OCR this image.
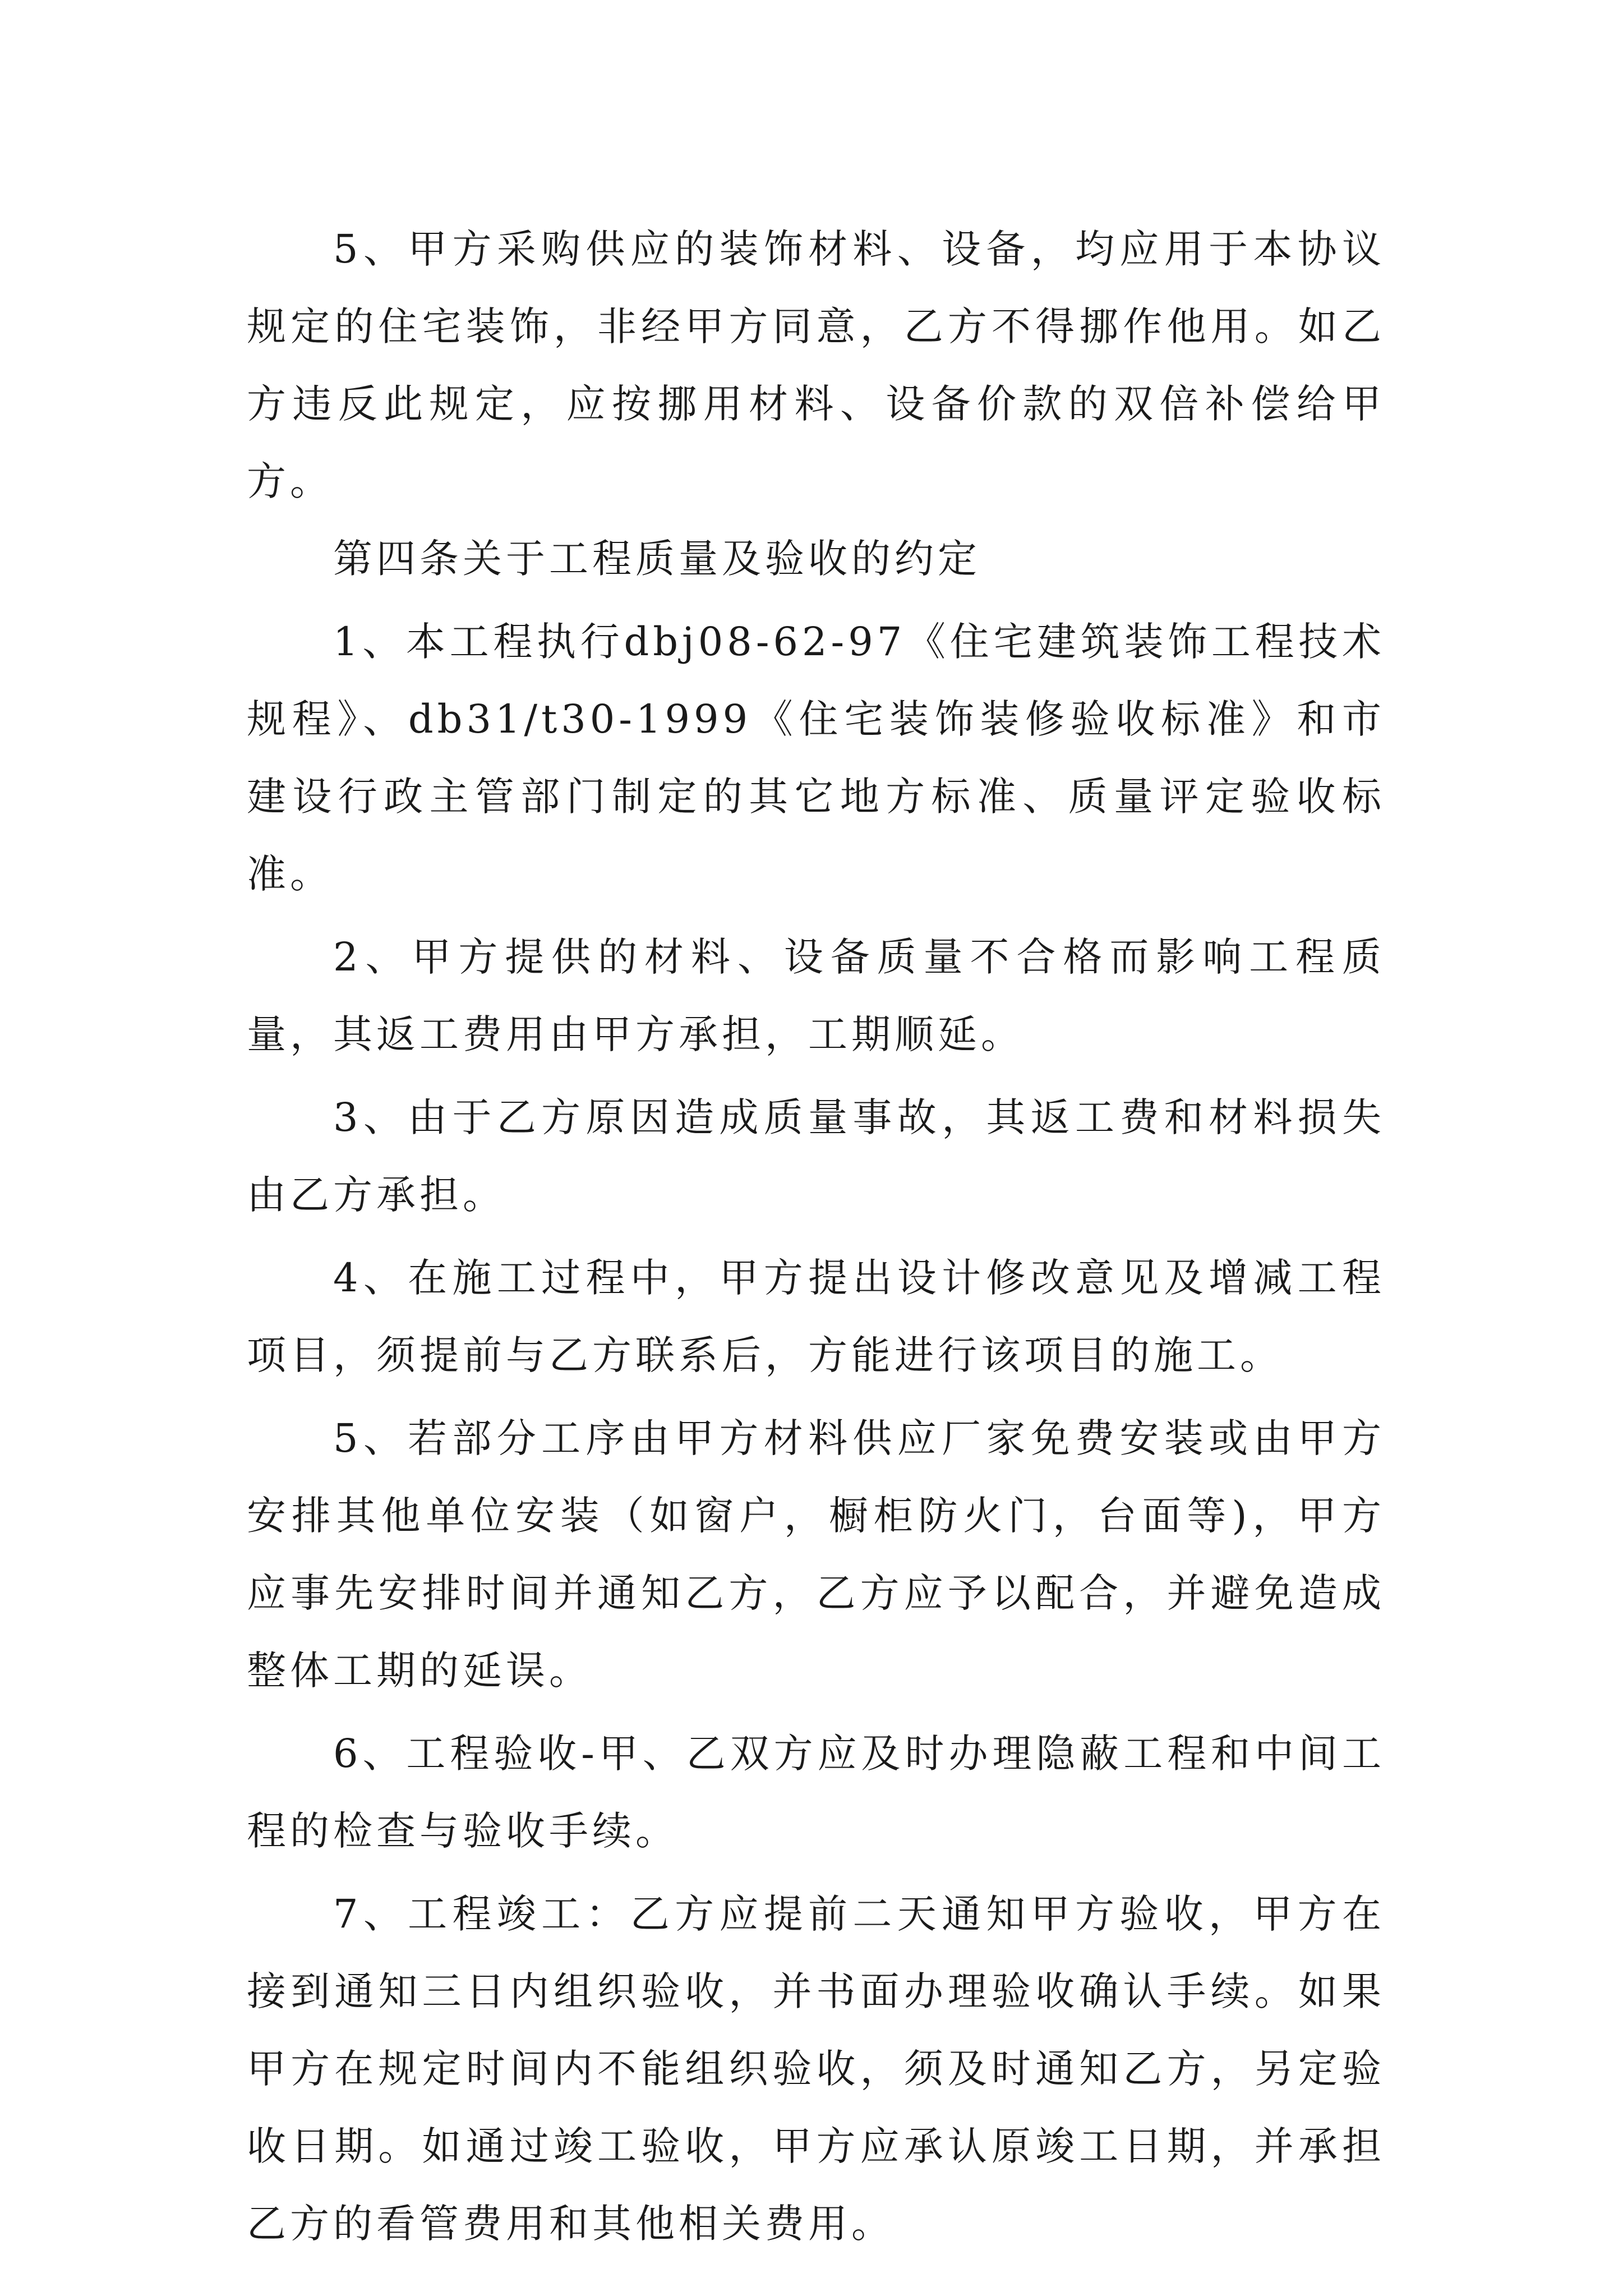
5、甲方采购供应的装饰材料、设备，均应用于本协议规定的住宅装饰，非经甲方同意，乙方不得挪作他用。如乙方违反此规定，应按挪用材料、设备价款的双倍补偿给甲方。

第四条关于工程质量及验收的约定

1、本工程执行dbj08-62-97《住宅建筑装饰工程技术规程》、db31/t30-1999《住宅装饰装修验收标准》和市建设行政主管部门制定的其它地方标准、质量评定验收标准。

2、甲方提供的材料、设备质量不合格而影响工程质量，其返工费用由甲方承担，工期顺延。

3、由于乙方原因造成质量事故，其返工费和材料损失由乙方承担。

4、在施工过程中，甲方提出设计修改意见及增减工程项目，须提前与乙方联系后，方能进行该项目的施工。

5、若部分工序由甲方材料供应厂家免费安装或由甲方安排其他单位安装（如窗户，橱柜防火门，台面等)，甲方应事先安排时间并通知乙方，乙方应予以配合，并避免造成整体工期的延误。

6、工程验收-甲、乙双方应及时办理隐蔽工程和中间工程的检查与验收手续。

7、工程竣工：乙方应提前二天通知甲方验收，甲方在接到通知三日内组织验收，并书面办理验收确认手续。如果甲方在规定时间内不能组织验收，须及时通知乙方，另定验收日期。如通过竣工验收，甲方应承认原竣工日期，并承担乙方的看管费用和其他相关费用。
